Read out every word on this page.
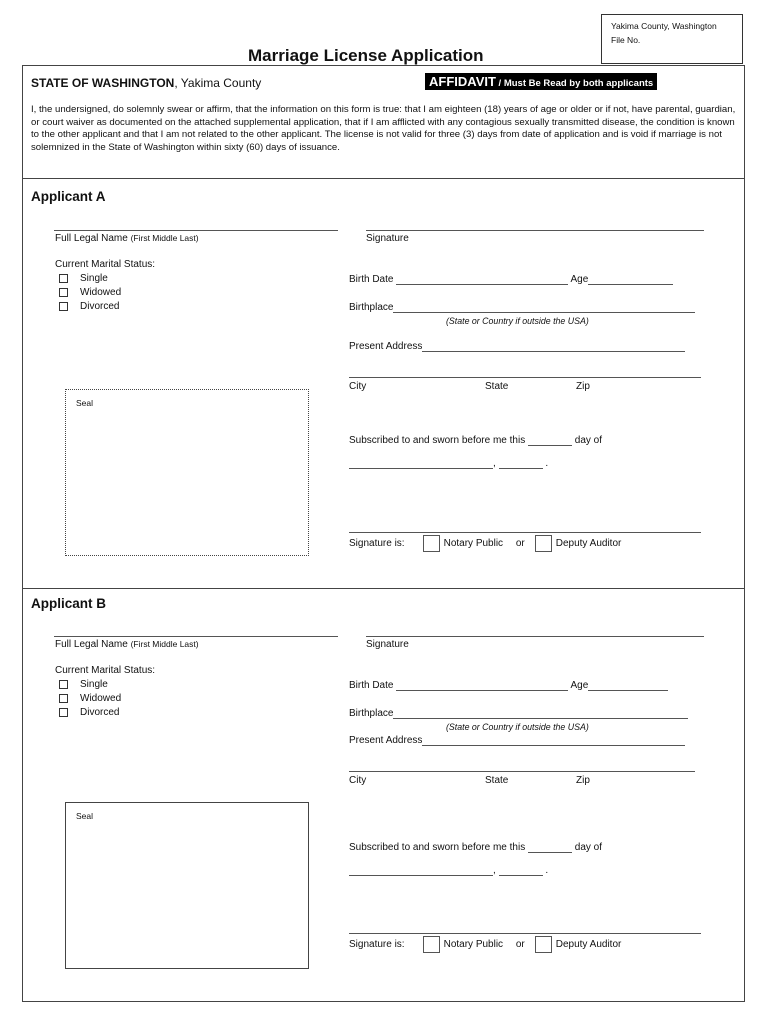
Yakima County, Washington
File No.
Marriage License Application
STATE OF WASHINGTON, Yakima County	AFFIDAVIT / Must Be Read by both applicants
I, the undersigned, do solemnly swear or affirm, that the information on this form is true: that I am eighteen (18) years of age or older or if not, have parental, guardian, or court waiver as documented on the attached supplemental application, that if I am afflicted with any contagious sexually transmitted disease, the condition is known to the other applicant and that I am not related to the other applicant. The license is not valid for three (3) days from date of application and is void if marriage is not solemnized in the State of Washington within sixty (60) days of issuance.
Applicant A
Full Legal Name (First Middle Last)	Signature
Current Marital Status:
Single
Widowed
Divorced
Birth Date	Age
Birthplace
(State or Country if outside the USA)
Present Address
City	State	Zip
Seal
Subscribed to and sworn before me this	day of
,	.
Signature is:	Notary Public or	Deputy Auditor
Applicant B
Full Legal Name (First Middle Last)	Signature
Current Marital Status:
Single
Widowed
Divorced
Birth Date	Age
Birthplace
(State or Country if outside the USA)
Present Address
City	State	Zip
Seal
Subscribed to and sworn before me this	day of
,	.
Signature is:	Notary Public or	Deputy Auditor
